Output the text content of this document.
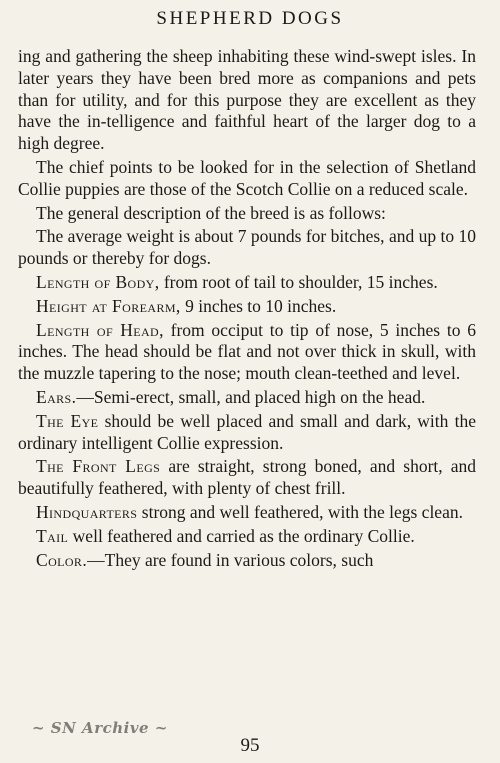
SHEPHERD DOGS

ing and gathering the sheep inhabiting these wind-swept isles. In later years they have been bred more as companions and pets than for utility, and for this purpose they are excellent as they have the in-telligence and faithful heart of the larger dog to a high degree.

The chief points to be looked for in the selection of Shetland Collie puppies are those of the Scotch Collie on a reduced scale.

The general description of the breed is as follows:

The average weight is about 7 pounds for bitches, and up to 10 pounds or thereby for dogs.

Length of Body, from root of tail to shoulder, 15 inches.

Height at Forearm, 9 inches to 10 inches.

Length of Head, from occiput to tip of nose, 5 inches to 6 inches. The head should be flat and not over thick in skull, with the muzzle tapering to the nose; mouth clean-teethed and level.

Ears.—Semi-erect, small, and placed high on the head.

The Eye should be well placed and small and dark, with the ordinary intelligent Collie expression.

The Front Legs are straight, strong boned, and short, and beautifully feathered, with plenty of chest frill.

Hindquarters strong and well feathered, with the legs clean.

Tail well feathered and carried as the ordinary Collie.

Color.—They are found in various colors, such

~ SN Archive ~
95
